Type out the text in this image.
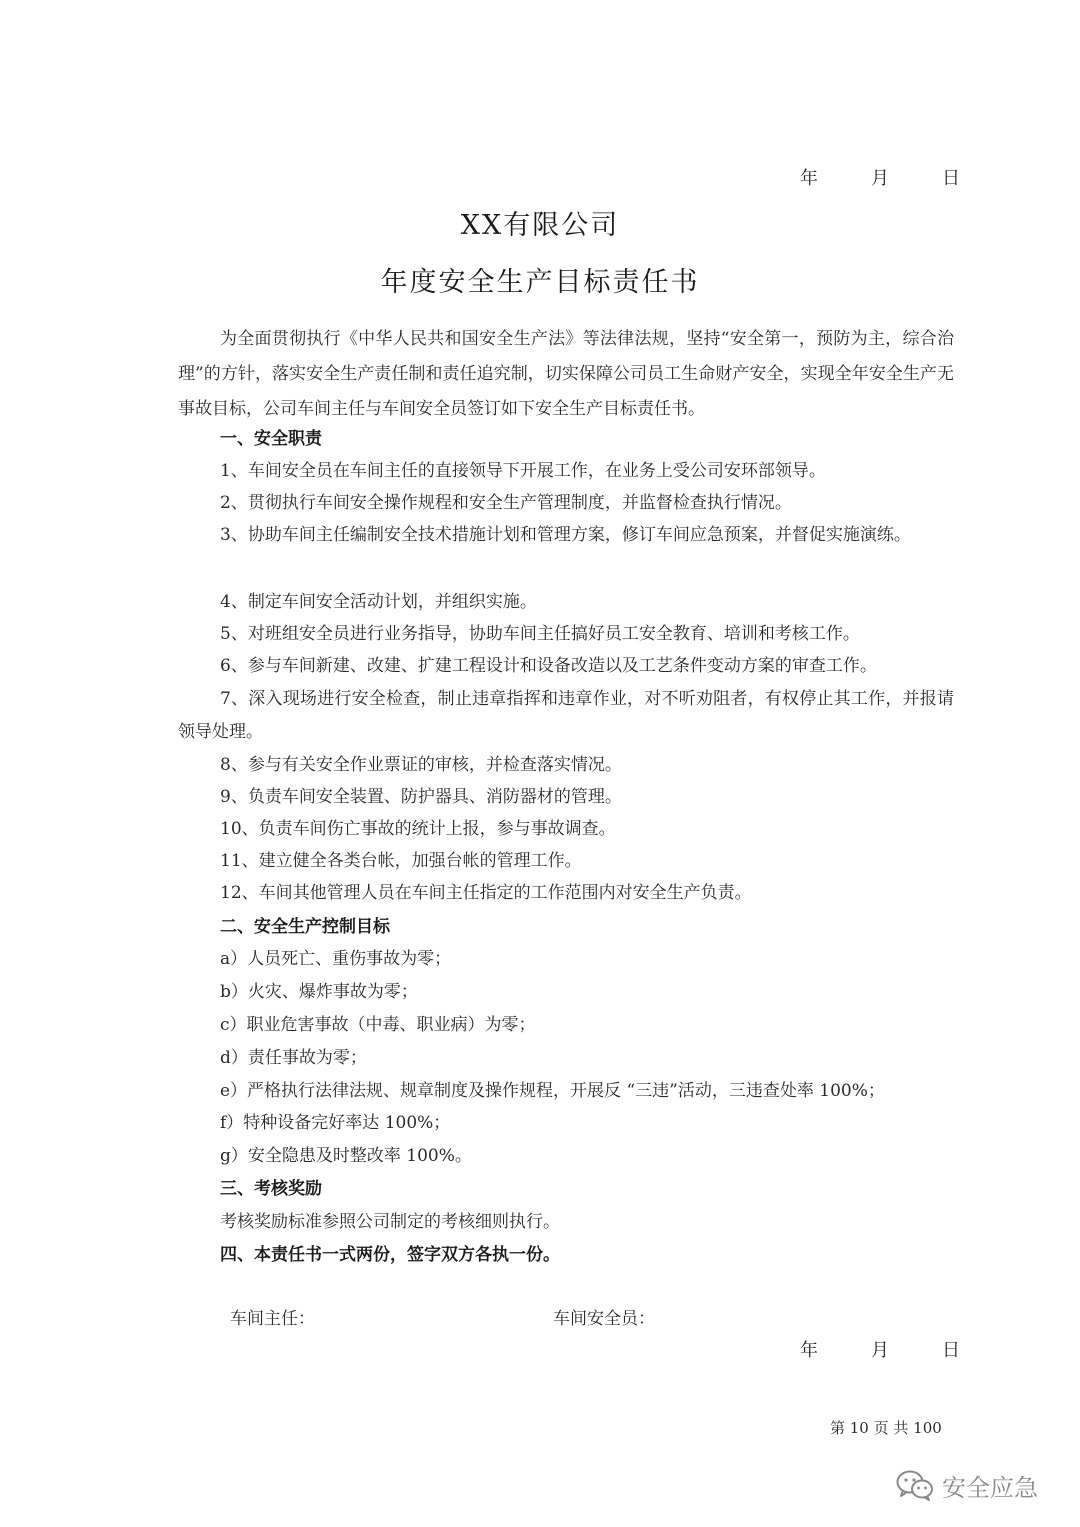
年	月	日
XX有限公司
年度安全生产目标责任书
为全面贯彻执行《中华人民共和国安全生产法》等法律法规，坚持“安全第一，预防为主，综合治理”的方针，落实安全生产责任制和责任追究制，切实保障公司员工生命财产安全，实现全年安全生产无事故目标，公司车间主任与车间安全员签订如下安全生产目标责任书。
一、安全职责
1、车间安全员在车间主任的直接领导下开展工作，在业务上受公司安环部领导。
2、贯彻执行车间安全操作规程和安全生产管理制度，并监督检查执行情况。
3、协助车间主任编制安全技术措施计划和管理方案，修订车间应急预案，并督促实施演练。
4、制定车间安全活动计划，并组织实施。
5、对班组安全员进行业务指导，协助车间主任搞好员工安全教育、培训和考核工作。
6、参与车间新建、改建、扩建工程设计和设备改造以及工艺条件变动方案的审查工作。
7、深入现场进行安全检查，制止违章指挥和违章作业，对不听劝阻者，有权停止其工作，并报请领导处理。
8、参与有关安全作业票证的审核，并检查落实情况。
9、负责车间安全装置、防护器具、消防器材的管理。
10、负责车间伤亡事故的统计上报，参与事故调查。
11、建立健全各类台帐，加强台帐的管理工作。
12、车间其他管理人员在车间主任指定的工作范围内对安全生产负责。
二、安全生产控制目标
a）人员死亡、重伤事故为零；
b）火灾、爆炸事故为零；
c）职业危害事故（中毒、职业病）为零；
d）责任事故为零；
e）严格执行法律法规、规章制度及操作规程，开展反 “三违”活动，三违查处率 100%；
f）特种设备完好率达 100%；
g）安全隐患及时整改率 100%。
三、考核奖励
考核奖励标准参照公司制定的考核细则执行。
四、本责任书一式两份，签字双方各执一份。
车间主任：	车间安全员：
年	月	日
第 10 页 共 100
安全应急
